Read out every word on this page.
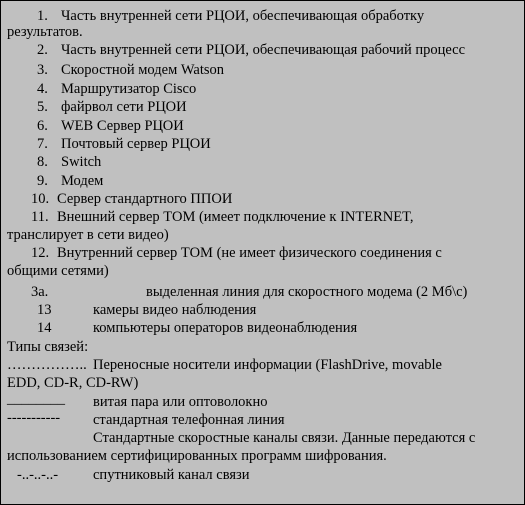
1. Часть внутренней сети РЦОИ, обеспечивающая обработку
результатов.
2. Часть внутренней сети РЦОИ, обеспечивающая рабочий процесс
3. Скоростной модем Watson
4. Маршрутизатор Cisco
5. файрвол сети РЦОИ
6. WEB Сервер РЦОИ
7. Почтовый сервер РЦОИ
8. Switch
9. Модем
10. Сервер стандартного ППОИ
11. Внешний сервер ТОМ (имеет подключение к INTERNET,
транслирует в сети видео)
12. Внутренний сервер ТОМ (не имеет физического соединения с
общими сетями)
3а.	выделенная линия для скоростного модема (2 Мб\с)
13	камеры видео наблюдения
14	компьютеры операторов видеонаблюдения
Типы связей:
…………….. Переносные носители информации (FlashDrive, movable
EDD, CD-R, CD-RW)
________ витая пара или оптоволокно
----------- стандартная телефонная линия
Стандартные скоростные каналы связи. Данные передаются с
использованием сертифицированных программ шифрования.
-..-..-..- спутниковый канал связи
